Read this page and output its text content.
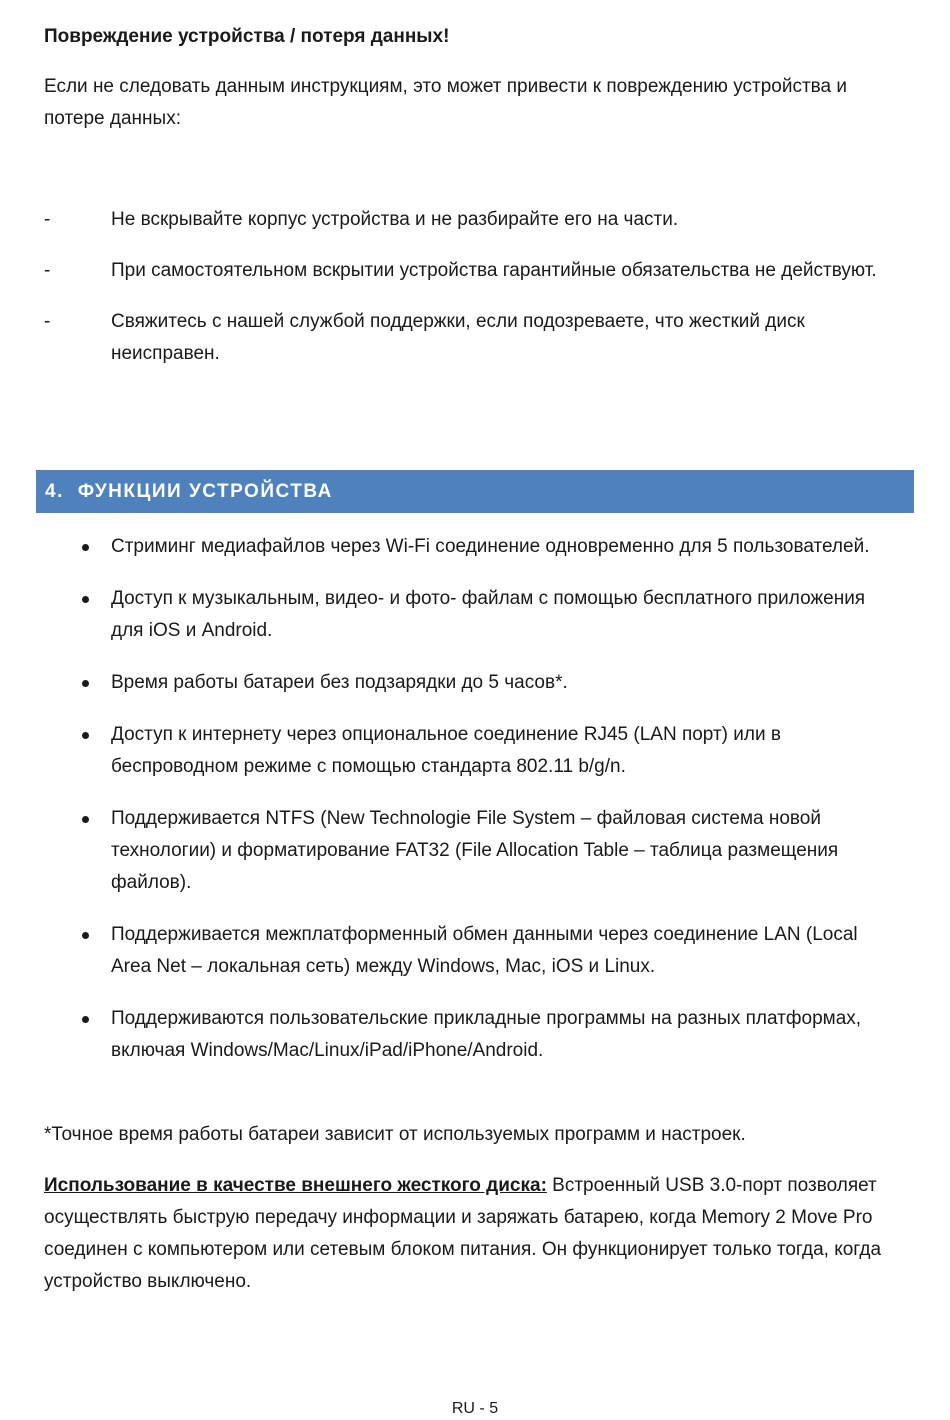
Повреждение устройства / потеря данных!

Если не следовать данным инструкциям, это может привести к повреждению устройства и потере данных:

-	Не вскрывайте корпус устройства и не разбирайте его на части.
-	При самостоятельном вскрытии устройства гарантийные обязательства не действуют.
-	Свяжитесь с нашей службой поддержки, если подозреваете, что жесткий диск неисправен.
4. ФУНКЦИИ УСТРОЙСТВА
Стриминг медиафайлов через Wi-Fi соединение одновременно для 5 пользователей.
Доступ к музыкальным, видео- и фото- файлам с помощью бесплатного приложения для iOS и Android.
Время работы батареи без подзарядки до 5 часов*.
Доступ к интернету через опциональное соединение RJ45 (LAN порт) или в беспроводном режиме с помощью стандарта 802.11 b/g/n.
Поддерживается NTFS (New Technologie File System – файловая система новой технологии) и форматирование FAT32 (File Allocation Table – таблица размещения файлов).
Поддерживается межплатформенный обмен данными через соединение LAN (Local Area Net – локальная сеть) между Windows, Mac, iOS и Linux.
Поддерживаются пользовательские прикладные программы на разных платформах, включая Windows/Mac/Linux/iPad/iPhone/Android.

*Точное время работы батареи зависит от используемых программ и настроек.

Использование в качестве внешнего жесткого диска: Встроенный USB 3.0-порт позволяет осуществлять быструю передачу информации и заряжать батарею, когда Memory 2 Move Pro соединен с компьютером или сетевым блоком питания. Он функционирует только тогда, когда устройство выключено.

RU - 5
